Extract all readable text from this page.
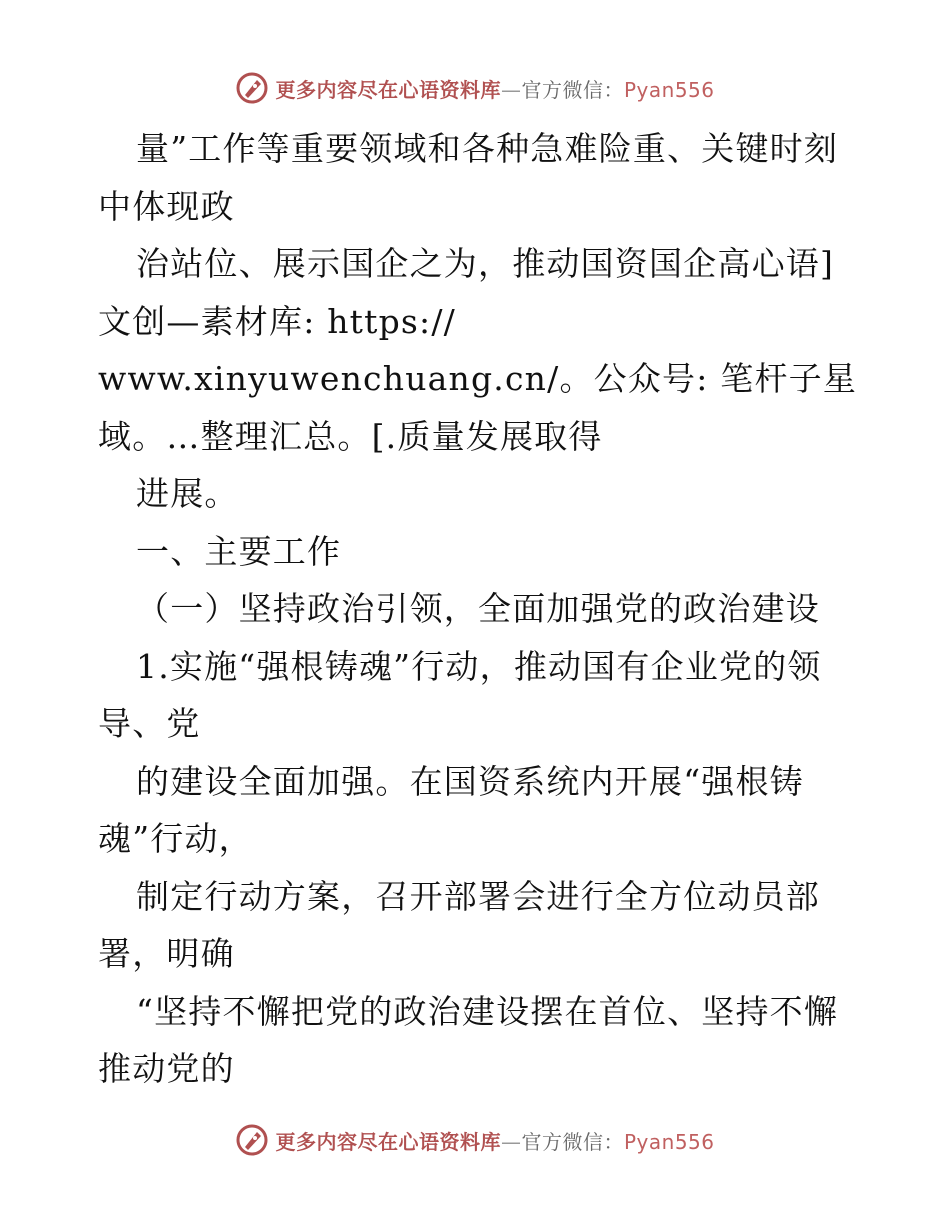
更多内容尽在心语资料库—官方微信：Pyan556
量”工作等重要领域和各种急难险重、关键时刻
中体现政
治站位、展示国企之为，推动国资国企高心语]
文创—素材库: https://
www.xinyuwenchuang.cn/。公众号: 笔杆子星
域。…整理汇总。[.质量发展取得
进展。
一、主要工作
（一）坚持政治引领，全面加强党的政治建设
1.实施“强根铸魂”行动，推动国有企业党的领
导、党
的建设全面加强。在国资系统内开展“强根铸
魂”行动，
制定行动方案，召开部署会进行全方位动员部
署，明确
“坚持不懈把党的政治建设摆在首位、坚持不懈
推动党的
更多内容尽在心语资料库—官方微信：Pyan556
